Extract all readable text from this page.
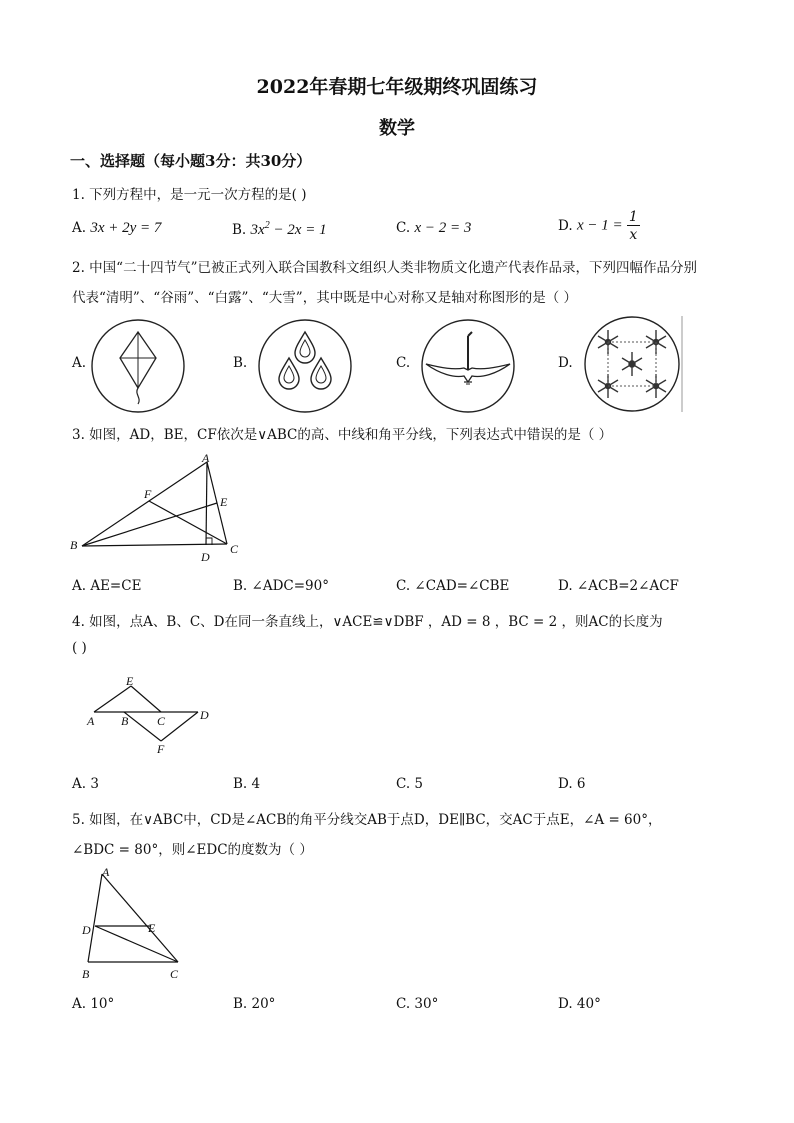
2022年春期七年级期终巩固练习
数学
一、选择题（每小题3分：共30分）
1. 下列方程中，是一元一次方程的是( )
A. 3x + 2y = 7	B. $3x^2 - 2x = 1$	C. x − 2 = 3	D. $x - 1 = \frac{1}{x}$
2. 中国“二十四节气”已被正式列入联合国教科文组织人类非物质文化遗产代表作品录，下列四幅作品分别
代表“清明”、“谷雨”、“白露”、“大雪”，其中既是中心对称又是轴对称图形的是（ ）
A.	B.	C.	D.
3. 如图，AD，BE，CF依次是∨ABC的高、中线和角平分线，下列表达式中错误的是（ ）
A
B	C
D
E
F
A. AE=CE	B. ∠ADC=90°	C. ∠CAD=∠CBE	D. ∠ACB=2∠ACF
4. 如图，点A、B、C、D在同一条直线上，∨ACE≌∨DBF ，AD = 8 ，BC = 2 ，则AC的长度为
( )
E
A B C	D
F
A. 3	B. 4	C. 5	D. 6
5. 如图，在∨ABC中，CD是∠ACB的角平分线交AB于点D，DE∥BC，交AC于点E，∠A = 60°，
∠BDC = 80°，则∠EDC的度数为（ ）
A
B	C
D	E
A. 10°	B. 20°	C. 30°	D. 40°
